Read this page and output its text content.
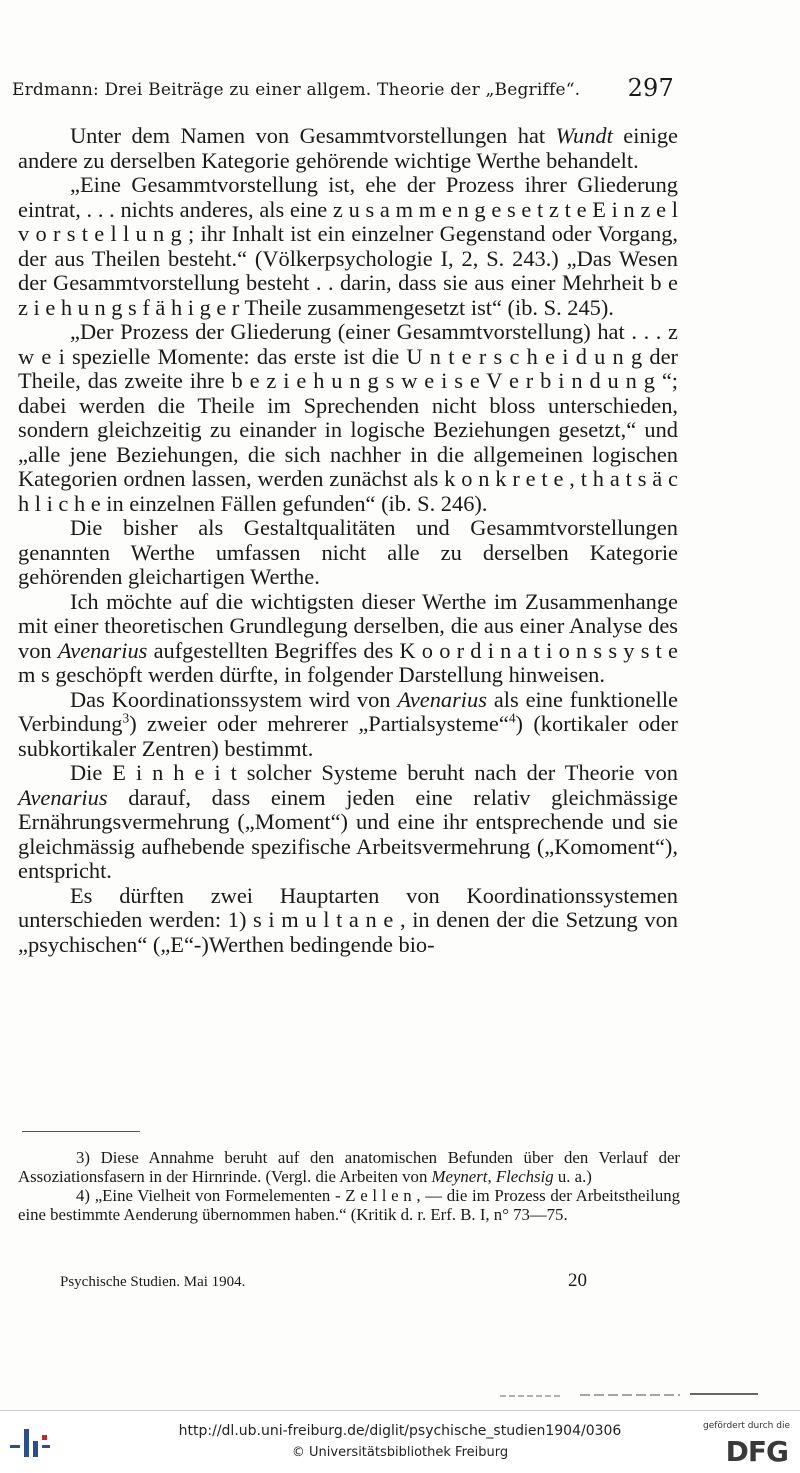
Erdmann: Drei Beiträge zu einer allgem. Theorie der „Begriffe“. 297

Unter dem Namen von Gesammtvorstellungen hat Wundt einige andere zu derselben Kategorie gehörende wichtige Werthe behandelt.

„Eine Gesammtvorstellung ist, ehe der Prozess ihrer Gliederung eintrat, . . . nichts anderes, als eine z u s a m m e n g e s e t z t e E i n z e l v o r s t e l l u n g ; ihr Inhalt ist ein einzelner Gegenstand oder Vorgang, der aus Theilen besteht.“ (Völkerpsychologie I, 2, S. 243.) „Das Wesen der Gesammtvorstellung besteht . . darin, dass sie aus einer Mehrheit b e z i e h u n g s f ä h i g e r Theile zusammengesetzt ist“ (ib. S. 245).

„Der Prozess der Gliederung (einer Gesammtvorstellung) hat . . . z w e i spezielle Momente: das erste ist die U n t e r s c h e i d u n g der Theile, das zweite ihre b e z i e h u n g s w e i s e V e r b i n d u n g “; dabei werden die Theile im Sprechenden nicht bloss unterschieden, sondern gleichzeitig zu einander in logische Beziehungen gesetzt,“ und „alle jene Beziehungen, die sich nachher in die allgemeinen logischen Kategorien ordnen lassen, werden zunächst als k o n k r e t e , t h a t s ä c h l i c h e in einzelnen Fällen gefunden“ (ib. S. 246).

Die bisher als Gestaltqualitäten und Gesammtvorstellungen genannten Werthe umfassen nicht alle zu derselben Kategorie gehörenden gleichartigen Werthe.

Ich möchte auf die wichtigsten dieser Werthe im Zusammenhange mit einer theoretischen Grundlegung derselben, die aus einer Analyse des von Avenarius aufgestellten Begriffes des K o o r d i n a t i o n s s y s t e m s geschöpft werden dürfte, in folgender Darstellung hinweisen.

Das Koordinationssystem wird von Avenarius als eine funktionelle Verbindung$^3$) zweier oder mehrerer „Partialsysteme“$^4$) (kortikaler oder subkortikaler Zentren) bestimmt.

Die E i n h e i t solcher Systeme beruht nach der Theorie von Avenarius darauf, dass einem jeden eine relativ gleichmässige Ernährungsvermehrung („Moment“) und eine ihr entsprechende und sie gleichmässig aufhebende spezifische Arbeitsvermehrung („Komoment“), entspricht.

Es dürften zwei Hauptarten von Koordinationssystemen unterschieden werden: 1) s i m u l t a n e , in denen der die Setzung von „psychischen“ („E“-)Werthen bedingende bio-

3) Diese Annahme beruht auf den anatomischen Befunden über den Verlauf der Assoziationsfasern in der Hirnrinde. (Vergl. die Arbeiten von Meynert, Flechsig u. a.)

4) „Eine Vielheit von Formelementen - Z e l l e n , — die im Prozess der Arbeitstheilung eine bestimmte Aenderung übernommen haben.“ (Kritik d. r. Erf. B. I, n° 73—75.

Psychische Studien. Mai 1904.	20
http://dl.ub.uni-freiburg.de/diglit/psychische_studien1904/0306
© Universitätsbibliothek Freiburg
gefördert durch die
DFG
